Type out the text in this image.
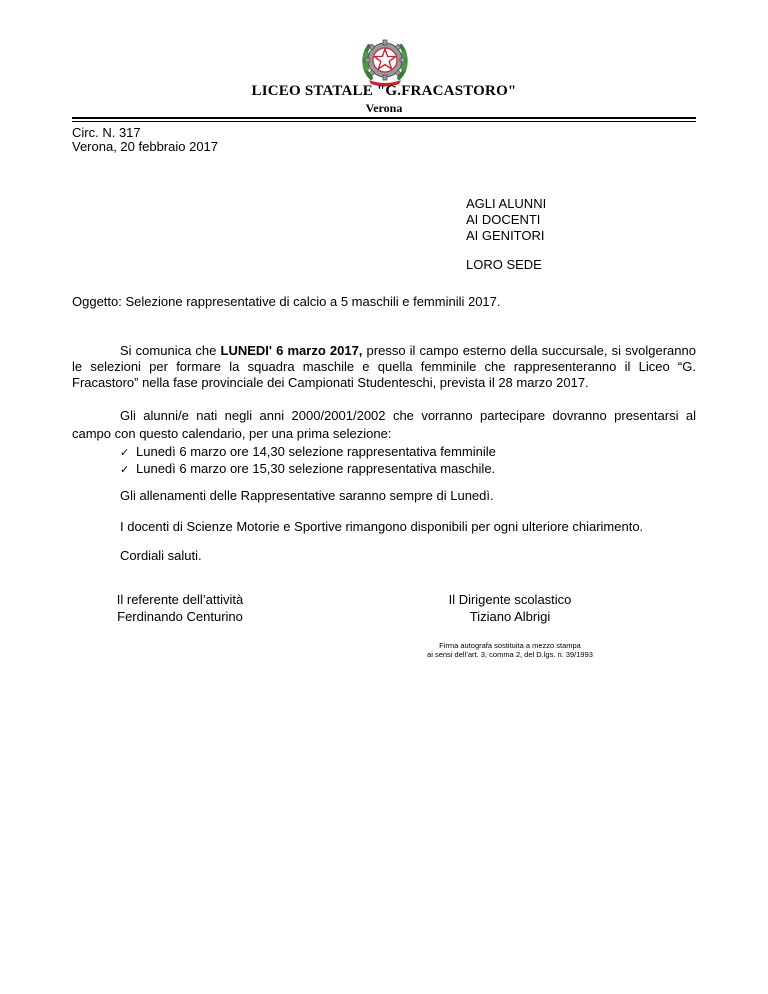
LICEO STATALE "G.FRACASTORO"
Verona
Circ. N. 317
Verona, 20 febbraio 2017
AGLI ALUNNI
AI DOCENTI
AI GENITORI
LORO SEDE
Oggetto: Selezione rappresentative di calcio a 5 maschili e femminili 2017.

Si comunica che LUNEDI' 6 marzo 2017, presso il campo esterno della succursale, si svolgeranno le selezioni per formare la squadra maschile e quella femminile che rappresenteranno il Liceo “G. Fracastoro” nella fase provinciale dei Campionati Studenteschi, prevista il 28 marzo 2017.

Gli alunni/e nati negli anni 2000/2001/2002 che vorranno partecipare dovranno presentarsi al campo con questo calendario, per una prima selezione:

✓ Lunedì 6 marzo ore 14,30 selezione rappresentativa femminile
✓ Lunedì 6 marzo ore 15,30 selezione rappresentativa maschile.
Gli allenamenti delle Rappresentative saranno sempre di Lunedì.
I docenti di Scienze Motorie e Sportive rimangono disponibili per ogni ulteriore chiarimento.
Cordiali saluti.
Il referente dell’attività
Ferdinando Centurino
Il Dirigente scolastico
Tiziano Albrigi
Firma autografa sostituita a mezzo stampa
ai sensi dell’art. 3, comma 2, del D.lgs. n. 39/1993
